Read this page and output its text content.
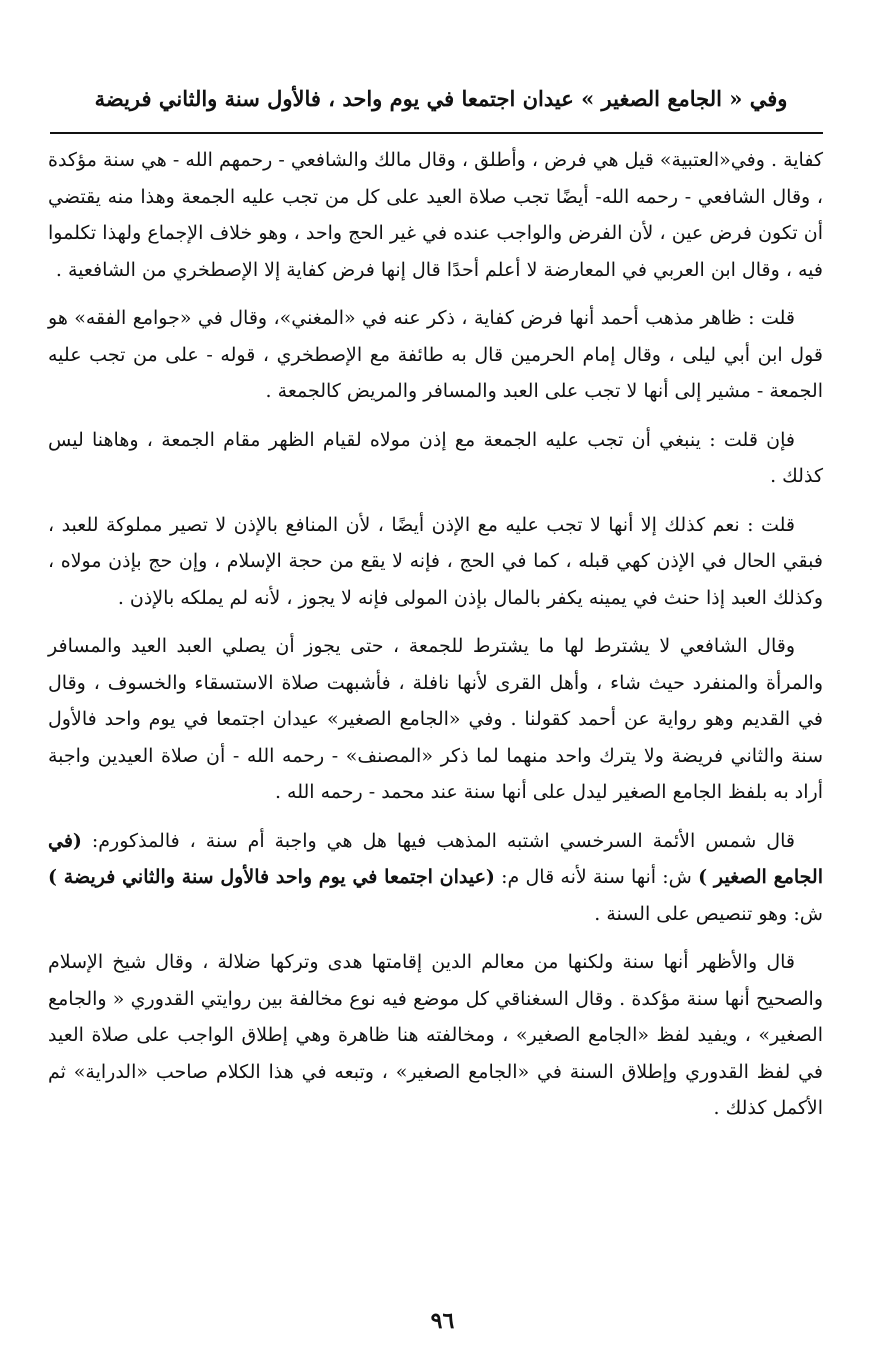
وفي « الجامع الصغير » عيدان اجتمعا في يوم واحد ، فالأول سنة والثاني فريضة

كفاية . وفي«العتبية» قيل هي فرض ، وأطلق ، وقال مالك والشافعي - رحمهم الله - هي سنة مؤكدة ، وقال الشافعي - رحمه الله- أيضًا تجب صلاة العيد على كل من تجب عليه الجمعة وهذا منه يقتضي أن تكون فرض عين ، لأن الفرض والواجب عنده في غير الحج واحد ، وهو خلاف الإجماع ولهذا تكلموا فيه ، وقال ابن العربي في المعارضة لا أعلم أحدًا قال إنها فرض كفاية إلا الإصطخري من الشافعية .

قلت : ظاهر مذهب أحمد أنها فرض كفاية ، ذكر عنه في «المغني»، وقال في «جوامع الفقه» هو قول ابن أبي ليلى ، وقال إمام الحرمين قال به طائفة مع الإصطخري ، قوله - على من تجب عليه الجمعة - مشير إلى أنها لا تجب على العبد والمسافر والمريض كالجمعة .

فإن قلت : ينبغي أن تجب عليه الجمعة مع إذن مولاه لقيام الظهر مقام الجمعة ، وهاهنا ليس كذلك .

قلت : نعم كذلك إلا أنها لا تجب عليه مع الإذن أيضًا ، لأن المنافع بالإذن لا تصير مملوكة للعبد ، فبقي الحال في الإذن كهي قبله ، كما في الحج ، فإنه لا يقع من حجة الإسلام ، وإن حج بإذن مولاه ، وكذلك العبد إذا حنث في يمينه يكفر بالمال بإذن المولى فإنه لا يجوز ، لأنه لم يملكه بالإذن .

وقال الشافعي لا يشترط لها ما يشترط للجمعة ، حتى يجوز أن يصلي العبد العيد والمسافر والمرأة والمنفرد حيث شاء ، وأهل القرى لأنها نافلة ، فأشبهت صلاة الاستسقاء والخسوف ، وقال في القديم وهو رواية عن أحمد كقولنا . وفي «الجامع الصغير» عيدان اجتمعا في يوم واحد فالأول سنة والثاني فريضة ولا يترك واحد منهما لما ذكر «المصنف» - رحمه الله - أن صلاة العيدين واجبة أراد به بلفظ الجامع الصغير ليدل على أنها سنة عند محمد - رحمه الله .

قال شمس الأئمة السرخسي اشتبه المذهب فيها هل هي واجبة أم سنة ، فالمذكورم: (في الجامع الصغير ) ش: أنها سنة لأنه قال م: (عيدان اجتمعا في يوم واحد فالأول سنة والثاني فريضة ) ش: وهو تنصيص على السنة .

قال والأظهر أنها سنة ولكنها من معالم الدين إقامتها هدى وتركها ضلالة ، وقال شيخ الإسلام والصحيح أنها سنة مؤكدة . وقال السغناقي كل موضع فيه نوع مخالفة بين روايتي القدوري « والجامع الصغير» ، ويفيد لفظ «الجامع الصغير» ، ومخالفته هنا ظاهرة وهي إطلاق الواجب على صلاة العيد في لفظ القدوري وإطلاق السنة في «الجامع الصغير» ، وتبعه في هذا الكلام صاحب «الدراية» ثم الأكمل كذلك .

٩٦
